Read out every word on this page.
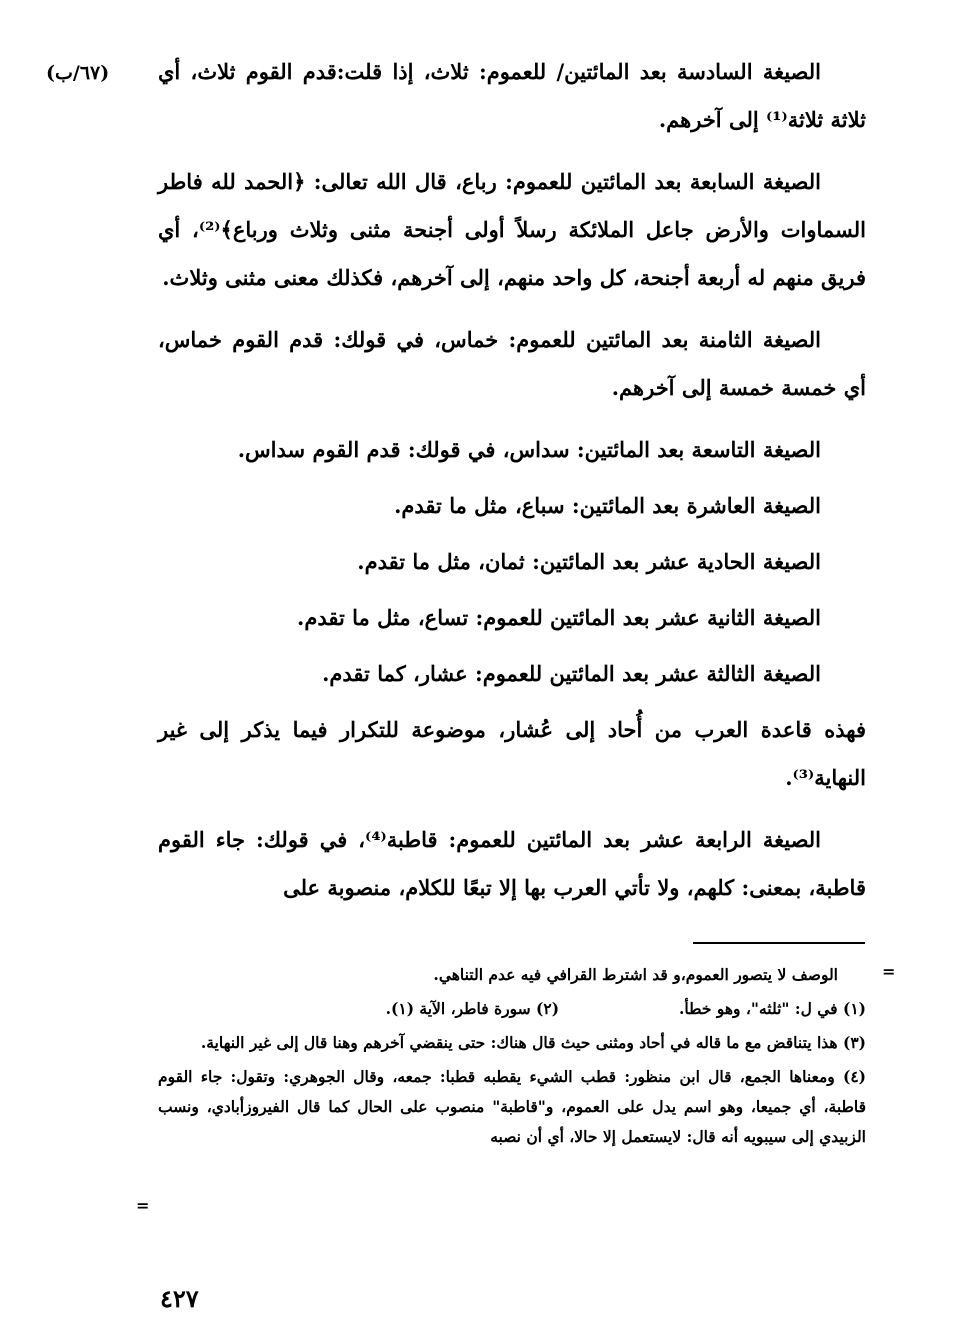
(٦٧/ب) الصيغة السادسة بعد المائتين/ للعموم: ثلاث، إذا قلت:قدم القوم ثلاث، أي ثلاثة ثلاثة⁽¹⁾ إلى آخرهم.

الصيغة السابعة بعد المائتين للعموم: رباع، قال الله تعالى: ﴿الحمد لله فاطر السماوات والأرض جاعل الملائكة رسلاً أولى أجنحة مثنى وثلاث ورباع﴾⁽²⁾، أي فريق منهم له أربعة أجنحة، كل واحد منهم، إلى آخرهم، فكذلك معنى مثنى وثلاث.

الصيغة الثامنة بعد المائتين للعموم: خماس، في قولك: قدم القوم خماس، أي خمسة خمسة إلى آخرهم.

الصيغة التاسعة بعد المائتين: سداس، في قولك: قدم القوم سداس.

الصيغة العاشرة بعد المائتين: سباع، مثل ما تقدم.

الصيغة الحادية عشر بعد المائتين: ثمان، مثل ما تقدم.

الصيغة الثانية عشر بعد المائتين للعموم: تساع، مثل ما تقدم.

الصيغة الثالثة عشر بعد المائتين للعموم: عشار، كما تقدم.

فهذه قاعدة العرب من أُحاد إلى عُشار، موضوعة للتكرار فيما يذكر إلى غير النهاية⁽³⁾.

الصيغة الرابعة عشر بعد المائتين للعموم: قاطبة⁽⁴⁾، في قولك: جاء القوم قاطبة، بمعنى: كلهم، ولا تأتي العرب بها إلا تبعًا للكلام، منصوبة على

=

الوصف لا يتصور العموم،و قد اشترط القرافي فيه عدم التناهي.

(١) في ل: "ثلثه"، وهو خطأ.
(٢) سورة فاطر، الآية (١).

(٣) هذا يتناقض مع ما قاله في أحاد ومثنى حيث قال هناك: حتى ينقضي آخرهم وهنا قال إلى غير النهاية.

(٤) ومعناها الجمع، قال ابن منظور: قطب الشيء يقطبه قطبا: جمعه، وقال الجوهري: وتقول: جاء القوم قاطبة، أي جميعا، وهو اسم يدل على العموم، و"قاطبة" منصوب على الحال كما قال الفيروزأبادي، ونسب الزبيدي إلى سيبويه أنه قال: لايستعمل إلا حالا، أي أن نصبه

=
٤٢٧
